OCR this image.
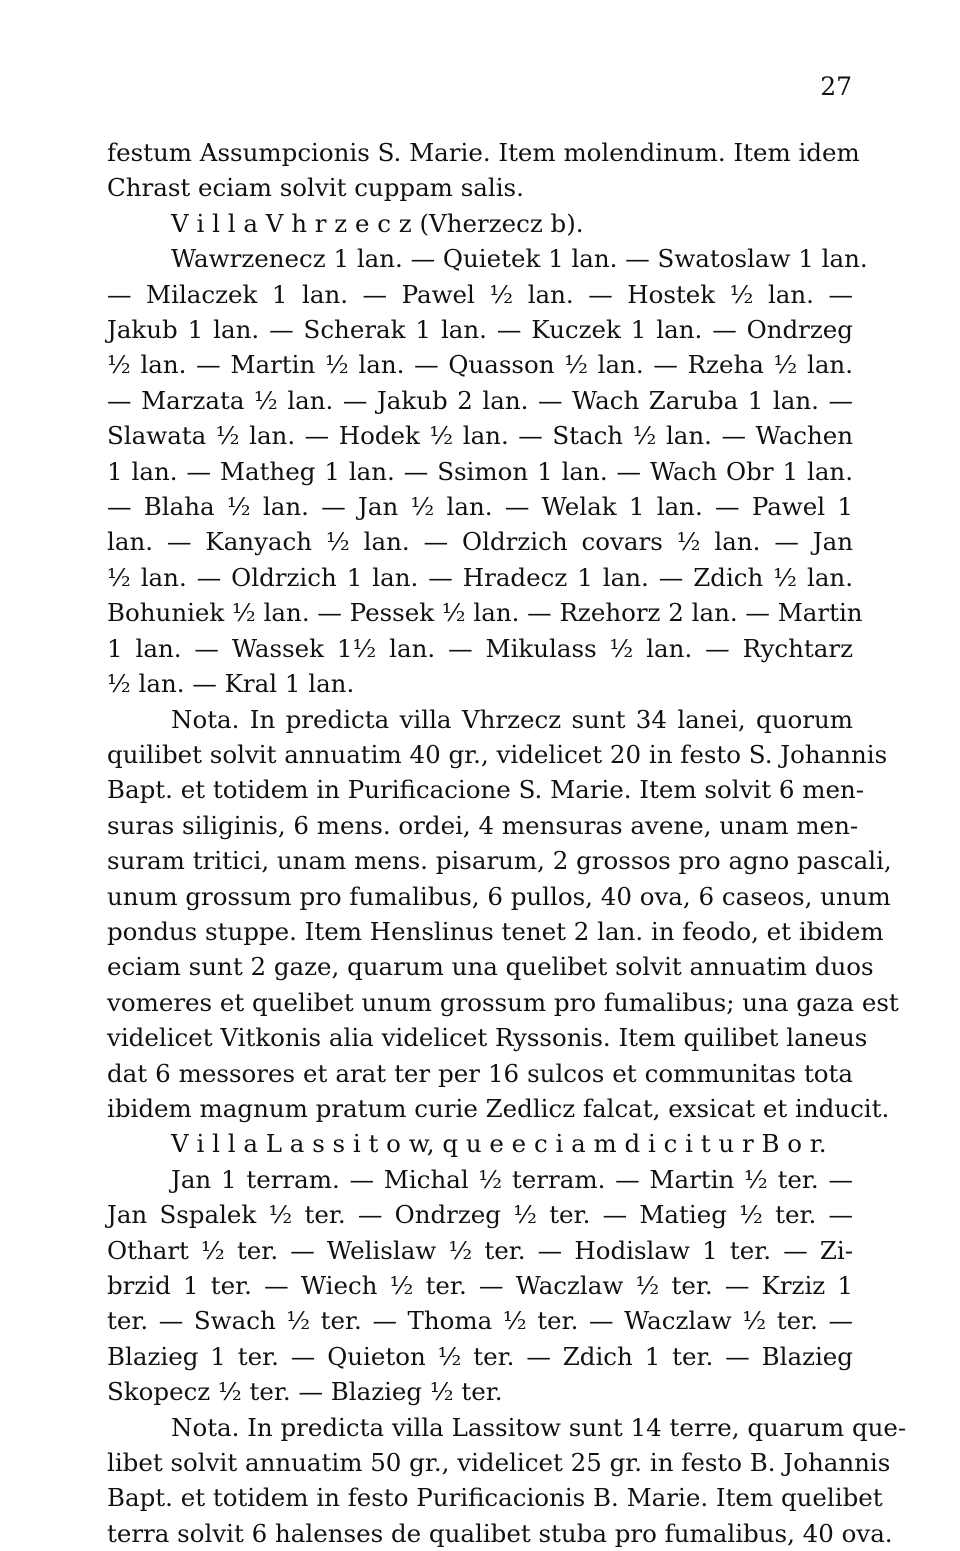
27
festum Assumpcionis S. Marie. Item molendinum. Item idem
Chrast eciam solvit cuppam salis.
V i l l a V h r z e c z (Vherzecz b).
Wawrzenecz 1 lan. — Quietek 1 lan. — Swatoslaw 1 lan.
— Milaczek 1 lan. — Pawel ½ lan. — Hostek ½ lan. —
Jakub 1 lan. — Scherak 1 lan. — Kuczek 1 lan. — Ondrzeg
½ lan. — Martin ½ lan. — Quasson ½ lan. — Rzeha ½ lan.
— Marzata ½ lan. — Jakub 2 lan. — Wach Zaruba 1 lan. —
Slawata ½ lan. — Hodek ½ lan. — Stach ½ lan. — Wachen
1 lan. — Matheg 1 lan. — Ssimon 1 lan. — Wach Obr 1 lan.
— Blaha ½ lan. — Jan ½ lan. — Welak 1 lan. — Pawel 1
lan. — Kanyach ½ lan. — Oldrzich covars ½ lan. — Jan
½ lan. — Oldrzich 1 lan. — Hradecz 1 lan. — Zdich ½ lan.
Bohuniek ½ lan. — Pessek ½ lan. — Rzehorz 2 lan. — Martin
1 lan. — Wassek 1½ lan. — Mikulass ½ lan. — Rychtarz
½ lan. — Kral 1 lan.
Nota. In predicta villa Vhrzecz sunt 34 lanei, quorum
quilibet solvit annuatim 40 gr., videlicet 20 in festo S. Johannis
Bapt. et totidem in Purificacione S. Marie. Item solvit 6 men-
suras siliginis, 6 mens. ordei, 4 mensuras avene, unam men-
suram tritici, unam mens. pisarum, 2 grossos pro agno pascali,
unum grossum pro fumalibus, 6 pullos, 40 ova, 6 caseos, unum
pondus stuppe. Item Henslinus tenet 2 lan. in feodo, et ibidem
eciam sunt 2 gaze, quarum una quelibet solvit annuatim duos
vomeres et quelibet unum grossum pro fumalibus; una gaza est
videlicet Vitkonis alia videlicet Ryssonis. Item quilibet laneus
dat 6 messores et arat ter per 16 sulcos et communitas tota
ibidem magnum pratum curie Zedlicz falcat, exsicat et inducit.
V i l l a L a s s i t o w, q u e e c i a m d i c i t u r B o r.
Jan 1 terram. — Michal ½ terram. — Martin ½ ter. —
Jan Sspalek ½ ter. — Ondrzeg ½ ter. — Matieg ½ ter. —
Othart ½ ter. — Welislaw ½ ter. — Hodislaw 1 ter. — Zi-
brzid 1 ter. — Wiech ½ ter. — Waczlaw ½ ter. — Krziz 1
ter. — Swach ½ ter. — Thoma ½ ter. — Waczlaw ½ ter. —
Blazieg 1 ter. — Quieton ½ ter. — Zdich 1 ter. — Blazieg
Skopecz ½ ter. — Blazieg ½ ter.
Nota. In predicta villa Lassitow sunt 14 terre, quarum que-
libet solvit annuatim 50 gr., videlicet 25 gr. in festo B. Johannis
Bapt. et totidem in festo Purificacionis B. Marie. Item quelibet
terra solvit 6 halenses de qualibet stuba pro fumalibus, 40 ova.
